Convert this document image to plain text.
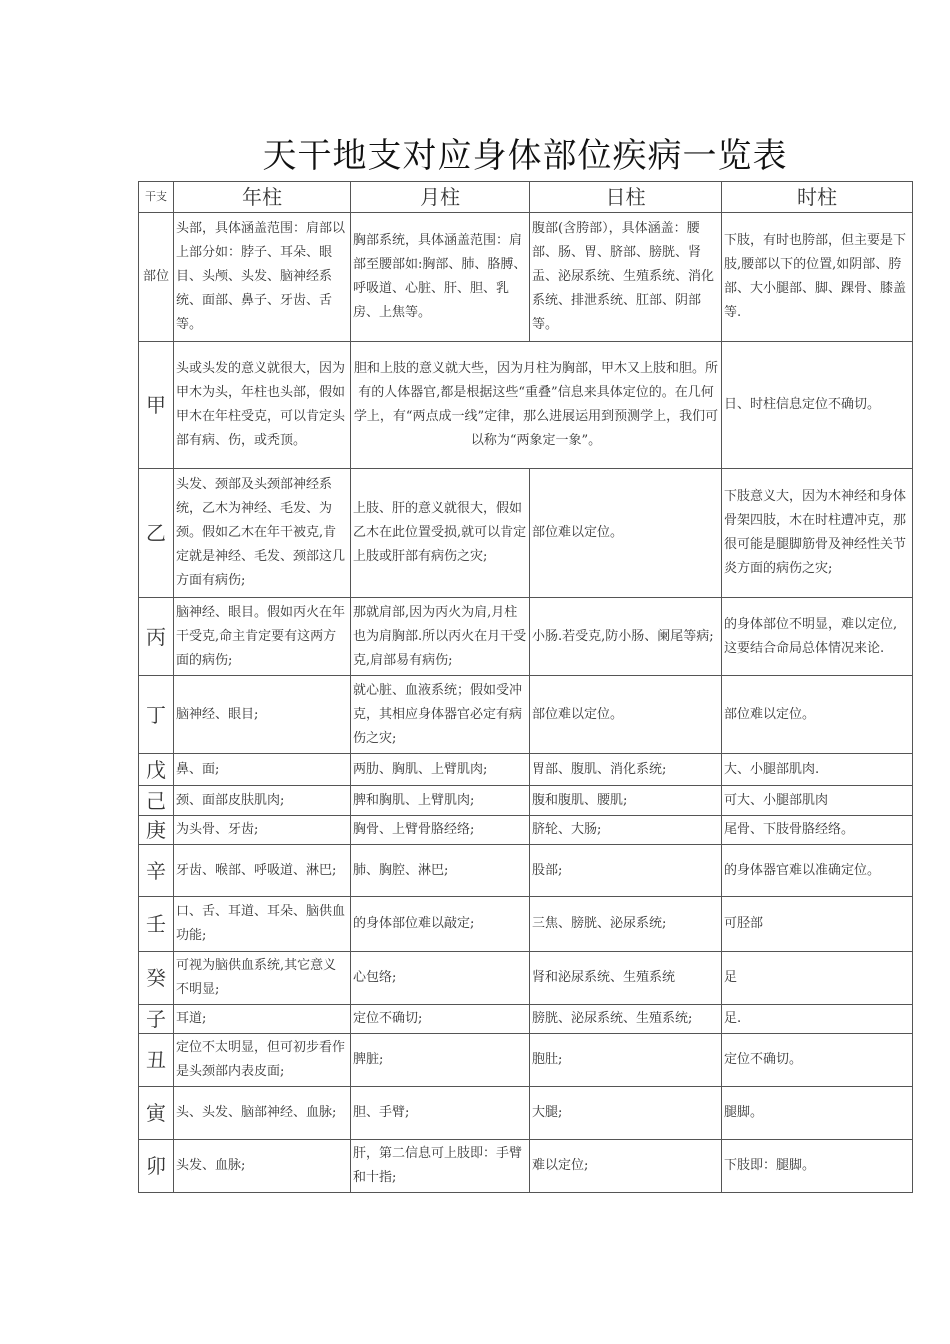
天干地支对应身体部位疾病一览表
干支	年柱	月柱	日柱	时柱
部位	头部，具体涵盖范围：肩部以上部分如：脖子、耳朵、眼目、头颅、头发、脑神经系统、面部、鼻子、牙齿、舌等。	胸部系统，具体涵盖范围：肩部至腰部如:胸部、肺、胳膊、呼吸道、心脏、肝、胆、乳房、上焦等。	腹部(含胯部），具体涵盖：腰部、肠、胃、脐部、膀胱、肾盂、泌尿系统、生殖系统、消化系统、排泄系统、肛部、阴部等。	下肢，有时也胯部，但主要是下肢,腰部以下的位置,如阴部、胯部、大小腿部、脚、踝骨、膝盖等.
甲	头或头发的意义就很大，因为甲木为头，年柱也头部，假如甲木在年柱受克，可以肯定头部有病、伤，或秃顶。	胆和上肢的意义就大些，因为月柱为胸部，甲木又上肢和胆。所有的人体器官,都是根据这些“重叠”信息来具体定位的。在几何学上，有“两点成一线”定律，那么进展运用到预测学上，我们可以称为“两象定一象”。		日、时柱信息定位不确切。
乙	头发、颈部及头颈部神经系统，乙木为神经、毛发、为颈。假如乙木在年干被克,肯定就是神经、毛发、颈部这几方面有病伤;	上肢、肝的意义就很大，假如乙木在此位置受损,就可以肯定上肢或肝部有病伤之灾;	部位难以定位。	下肢意义大，因为木神经和身体骨架四肢，木在时柱遭冲克，那很可能是腿脚筋骨及神经性关节炎方面的病伤之灾;
丙	脑神经、眼目。假如丙火在年干受克,命主肯定要有这两方面的病伤;	那就肩部,因为丙火为肩,月柱也为肩胸部.所以丙火在月干受克,肩部易有病伤;	小肠.若受克,防小肠、阑尾等病;	的身体部位不明显，难以定位,这要结合命局总体情况来论.
丁	脑神经、眼目;	就心脏、血液系统；假如受冲克，其相应身体器官必定有病伤之灾;	部位难以定位。	部位难以定位。
戊	鼻、面;	两肋、胸肌、上臂肌肉;	胃部、腹肌、消化系统;	大、小腿部肌肉.
己	颈、面部皮肤肌肉;	脾和胸肌、上臂肌肉;	腹和腹肌、腰肌;	可大、小腿部肌肉
庚	为头骨、牙齿;	胸骨、上臂骨胳经络;	脐轮、大肠;	尾骨、下肢骨胳经络。
辛	牙齿、喉部、呼吸道、淋巴;	肺、胸腔、淋巴;	股部;	的身体器官难以准确定位。
壬	口、舌、耳道、耳朵、脑供血功能;	的身体部位难以敲定;	三焦、膀胱、泌尿系统;	可胫部
癸	可视为脑供血系统,其它意义不明显;	心包络;	肾和泌尿系统、生殖系统	足
子	耳道;	定位不确切;	膀胱、泌尿系统、生殖系统;	足.
丑	定位不太明显，但可初步看作是头颈部内表皮面;	脾脏;	胞肚;	定位不确切。
寅	头、头发、脑部神经、血脉;	胆、手臂;	大腿;	腿脚。
卯	头发、血脉;	肝，第二信息可上肢即：手臂和十指;	难以定位;	下肢即：腿脚。
